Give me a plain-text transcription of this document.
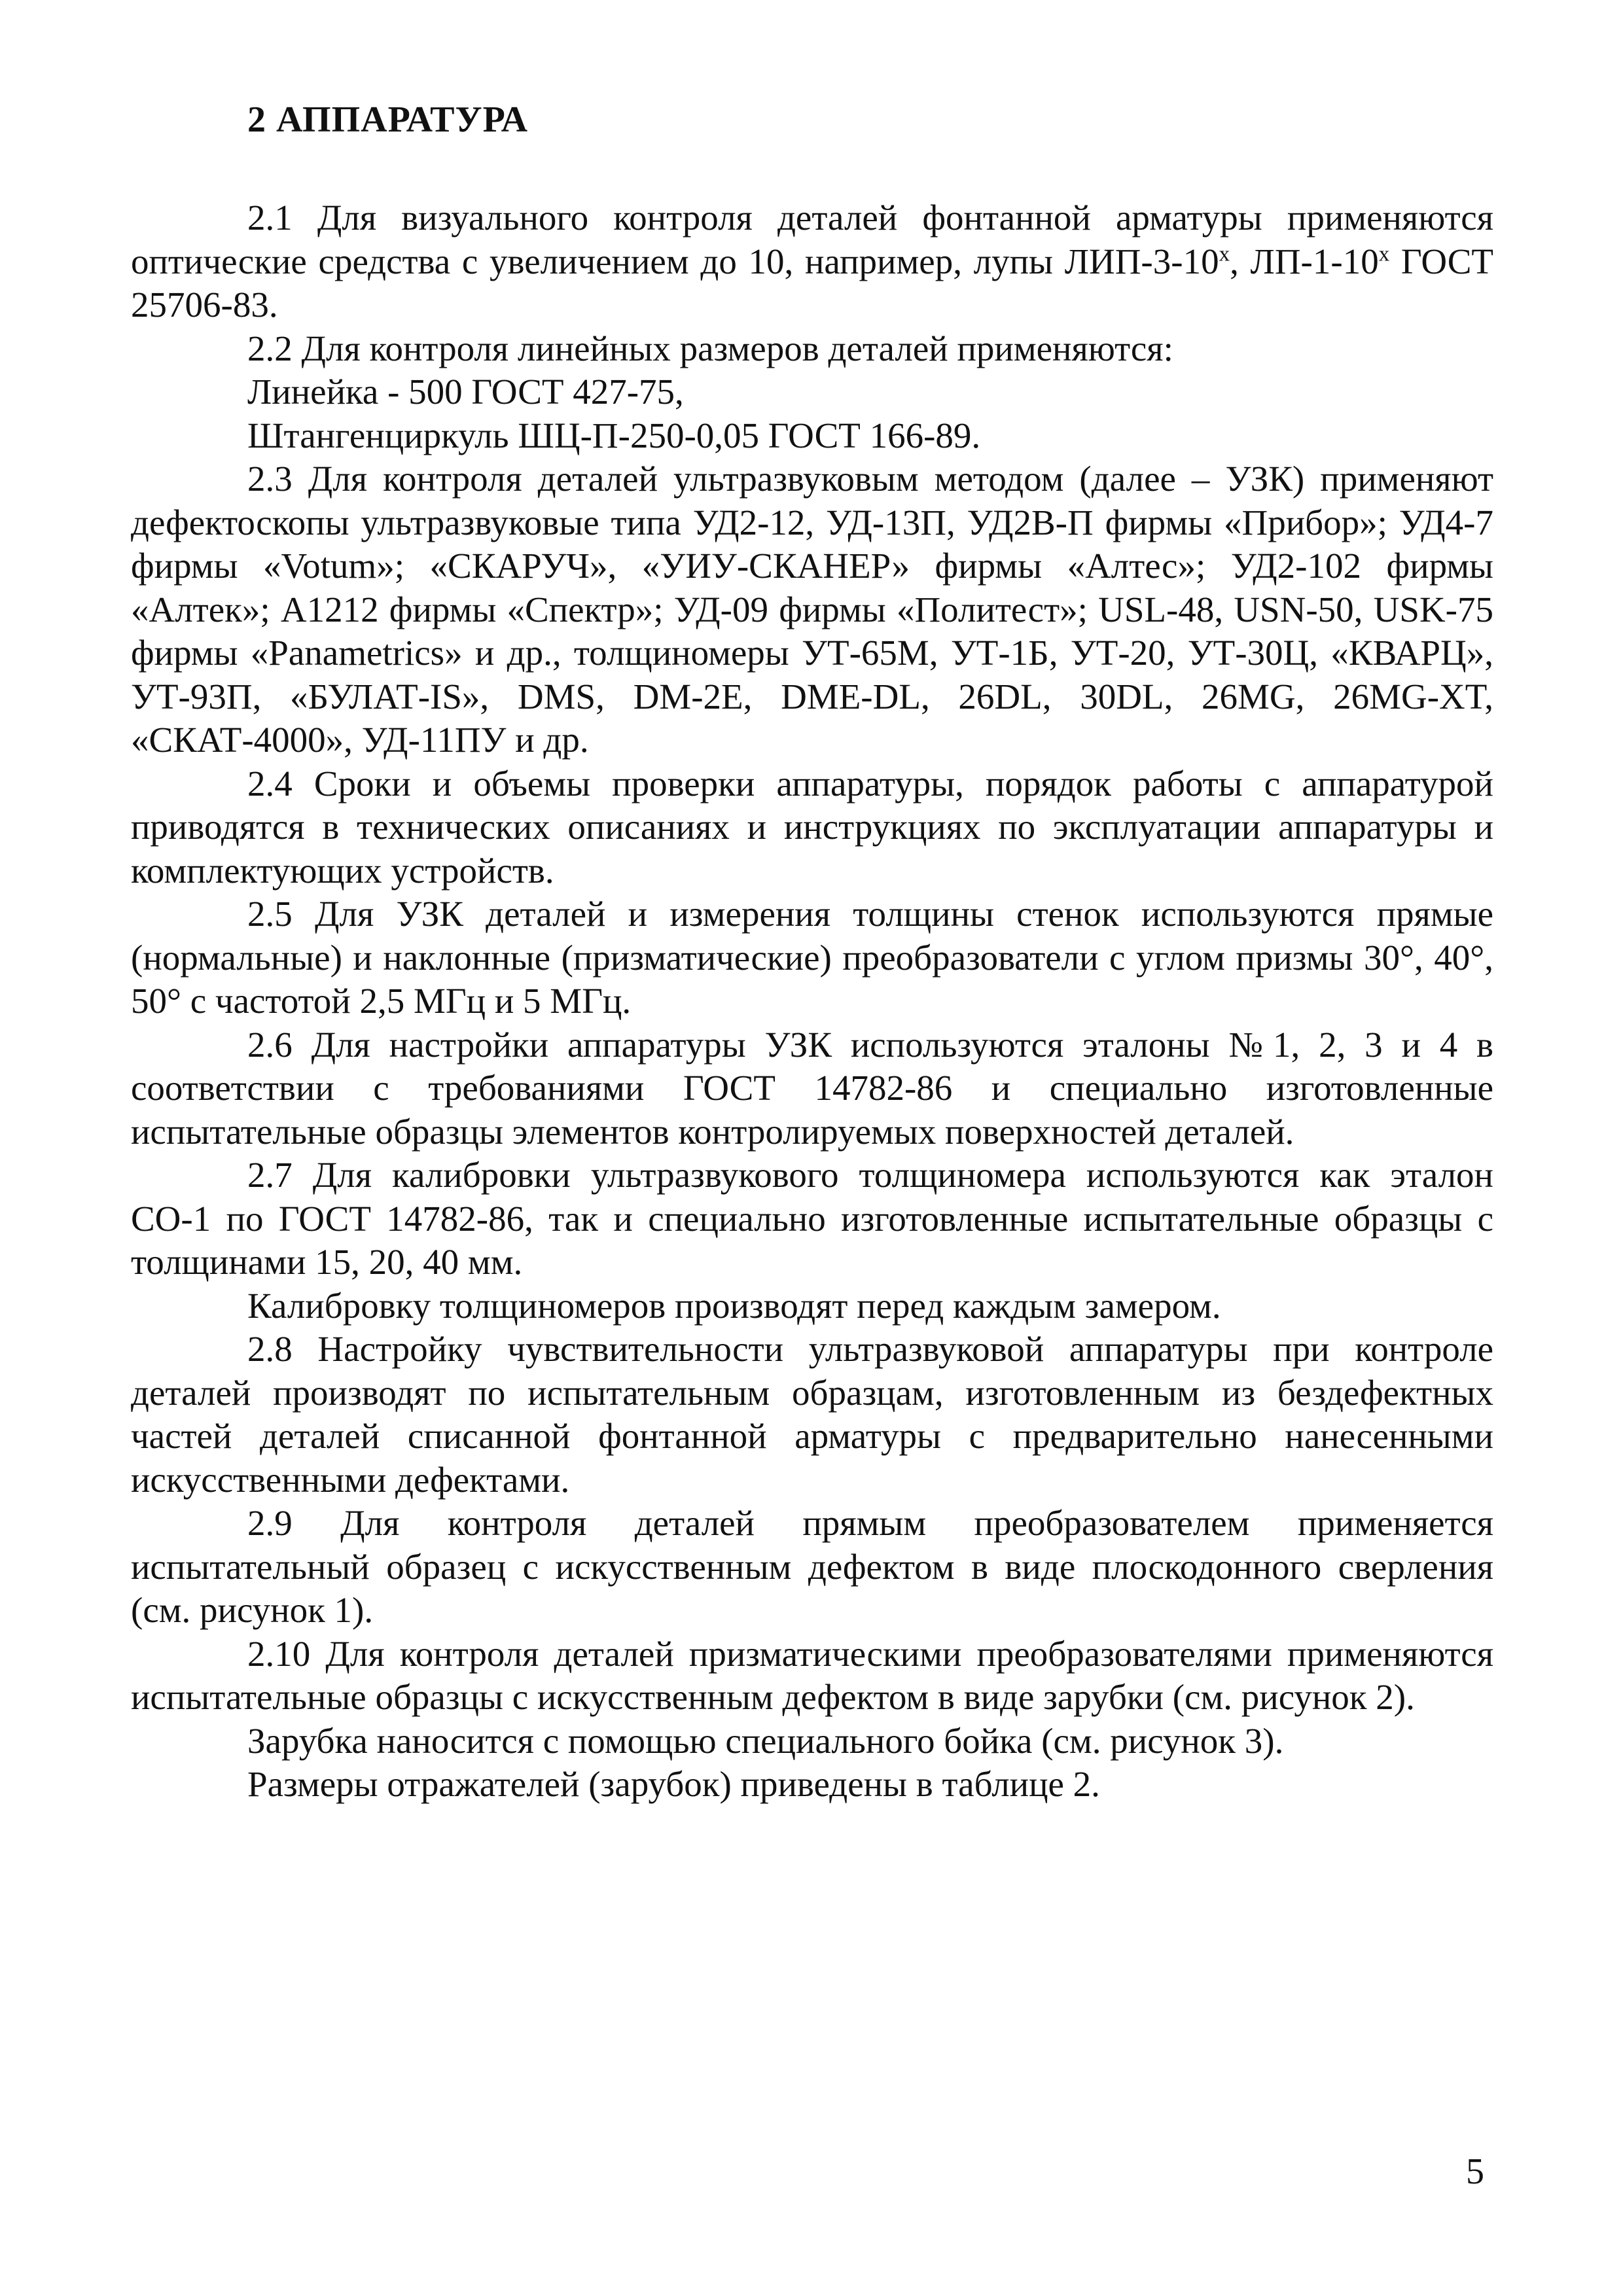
2 АППАРАТУРА

2.1 Для визуального контроля деталей фонтанной арматуры применяются оптические средства с увеличением до 10, например, лупы ЛИП-3-10$^x$, ЛП-1-10$^x$ ГОСТ 25706-83.

2.2 Для контроля линейных размеров деталей применяются:

Линейка - 500 ГОСТ 427-75,

Штангенциркуль ШЦ-П-250-0,05 ГОСТ 166-89.

2.3 Для контроля деталей ультразвуковым методом (далее – УЗК) применяют дефектоскопы ультразвуковые типа УД2-12, УД-13П, УД2В-П фирмы «Прибор»; УД4-7 фирмы «Votum»; «СКАРУЧ», «УИУ-СКАНЕР» фирмы «Алтес»; УД2-102 фирмы «Алтек»; А1212 фирмы «Спектр»; УД-09 фирмы «Политест»; USL-48, USN-50, USK-75 фирмы «Panametrics» и др., толщиномеры УТ-65М, УТ-1Б, УТ-20, УТ-30Ц, «КВАРЦ», УТ-93П, «БУЛАТ-IS», DMS, DM-2E, DME-DL, 26DL, 30DL, 26MG, 26MG-XT, «СКАТ-4000», УД-11ПУ и др.

2.4 Сроки и объемы проверки аппаратуры, порядок работы с аппаратурой приводятся в технических описаниях и инструкциях по эксплуатации аппаратуры и комплектующих устройств.

2.5 Для УЗК деталей и измерения толщины стенок используются прямые (нормальные) и наклонные (призматические) преобразователи с углом призмы 30°, 40°, 50° с частотой 2,5 МГц и 5 МГц.

2.6 Для настройки аппаратуры УЗК используются эталоны №1, 2, 3 и 4 в соответствии с требованиями ГОСТ 14782-86 и специально изготовленные испытательные образцы элементов контролируемых поверхностей деталей.

2.7 Для калибровки ультразвукового толщиномера используются как эталон СО-1 по ГОСТ 14782-86, так и специально изготовленные испытательные образцы с толщинами 15, 20, 40 мм.

Калибровку толщиномеров производят перед каждым замером.

2.8 Настройку чувствительности ультразвуковой аппаратуры при контроле деталей производят по испытательным образцам, изготовленным из бездефектных частей деталей списанной фонтанной арматуры с предварительно нанесенными искусственными дефектами.

2.9 Для контроля деталей прямым преобразователем применяется испытательный образец с искусственным дефектом в виде плоскодонного сверления (см. рисунок 1).

2.10 Для контроля деталей призматическими преобразователями применяются испытательные образцы с искусственным дефектом в виде зарубки (см. рисунок 2).

Зарубка наносится с помощью специального бойка (см. рисунок 3).

Размеры отражателей (зарубок) приведены в таблице 2.

5
